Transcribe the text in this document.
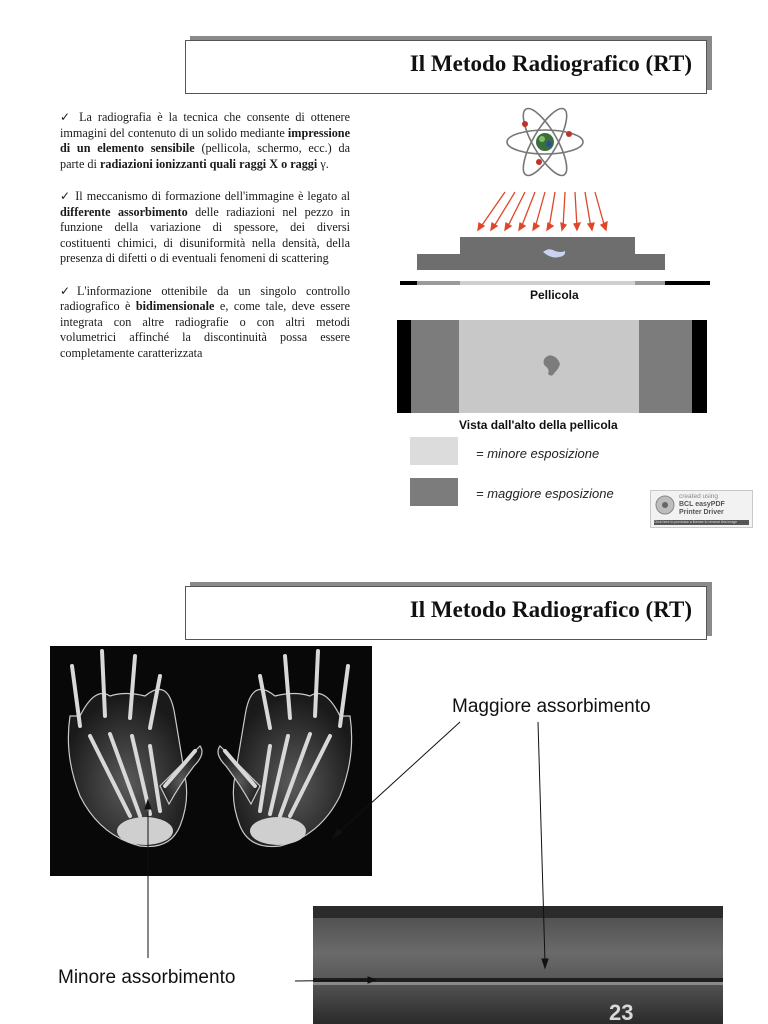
Il Metodo Radiografico (RT)

✓ La radiografia è la tecnica che consente di ottenere immagini del contenuto di un solido mediante impressione di un elemento sensibile (pellicola, schermo, ecc.) da parte di radiazioni ionizzanti quali raggi X o raggi γ.

✓ Il meccanismo di formazione dell'immagine è legato al differente assorbimento delle radiazioni nel pezzo in funzione della variazione di spessore, dei diversi costituenti chimici, di disuniformità nella densità, della presenza di difetti o di eventuali fenomeni di scattering

✓L'informazione ottenibile da un singolo controllo radiografico è bidimensionale e, come tale, deve essere integrata con altre radiografie o con altri metodi volumetrici affinché la discontinuità possa essere completamente caratterizzata

Pellicola
Vista dall'alto della pellicola
= minore esposizione
= maggiore esposizione	created using
BCL easyPDF
Printer Driver
Click here to purchase a license to remove this image
Il Metodo Radiografico (RT)
23
Maggiore assorbimento
Minore assorbimento
